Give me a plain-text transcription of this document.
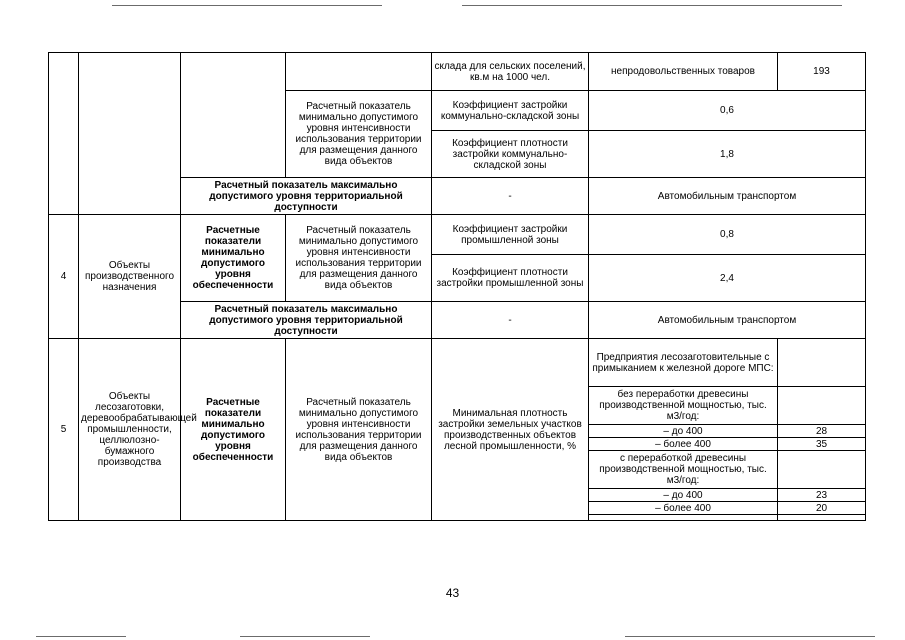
				склада для сельских поселений, кв.м на 1000 чел.	непродовольственных товаров	193
			Расчетный показатель минимально допустимого уровня интенсивности использования территории для размещения данного вида объектов	Коэффициент застройки коммунально-складской зоны	0,6	
				Коэффициент плотности застройки коммунально-складской зоны	1,8	
		Расчетный показатель максимально допустимого уровня территориальной доступности		-	Автомобильным транспортом	
4	Объекты производственного назначения	Расчетные показатели минимально допустимого уровня обеспеченности	Расчетный показатель минимально допустимого уровня интенсивности использования территории для размещения данного вида объектов	Коэффициент застройки промышленной зоны	0,8	
				Коэффициент плотности застройки промышленной зоны	2,4	
		Расчетный показатель максимально допустимого уровня территориальной доступности		-	Автомобильным транспортом	
5	Объекты лесозаготовки, деревообрабатывающей промышленности, целлюлозно-бумажного производства	Расчетные показатели минимально допустимого уровня обеспеченности	Расчетный показатель минимально допустимого уровня интенсивности использования территории для размещения данного вида объектов	Минимальная плотность застройки земельных участков производственных объектов лесной промышленности, %	Предприятия лесозаготовительные с примыканием к железной дороге МПС:	
					без переработки древесины производственной мощностью, тыс. м3/год:	
					– до 400	28
					– более 400	35
					с переработкой древесины производственной мощностью, тыс. м3/год:	
					– до 400	23
					– более 400	20

43
